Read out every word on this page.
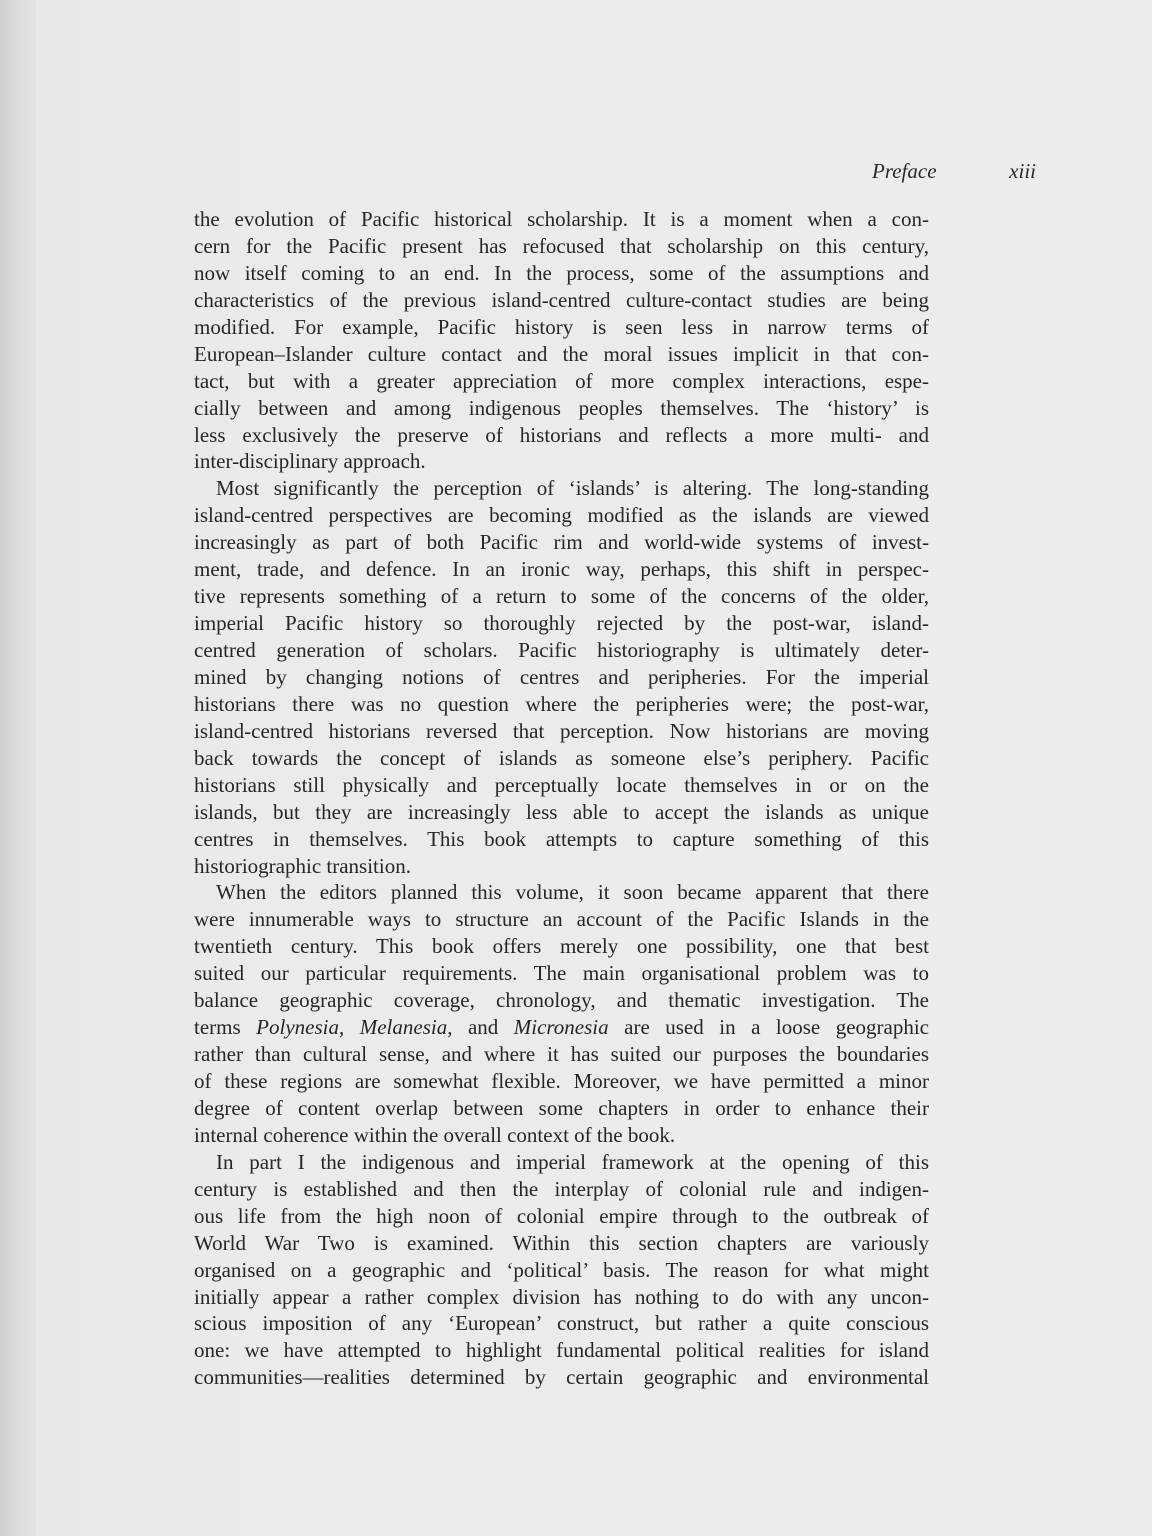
Preface	xiii
the evolution of Pacific historical scholarship. It is a moment when a con-
cern for the Pacific present has refocused that scholarship on this century,
now itself coming to an end. In the process, some of the assumptions and
characteristics of the previous island-centred culture-contact studies are being
modified. For example, Pacific history is seen less in narrow terms of
European–Islander culture contact and the moral issues implicit in that con-
tact, but with a greater appreciation of more complex interactions, espe-
cially between and among indigenous peoples themselves. The ‘history’ is
less exclusively the preserve of historians and reflects a more multi- and
inter-disciplinary approach.
Most significantly the perception of ‘islands’ is altering. The long-standing
island-centred perspectives are becoming modified as the islands are viewed
increasingly as part of both Pacific rim and world-wide systems of invest-
ment, trade, and defence. In an ironic way, perhaps, this shift in perspec-
tive represents something of a return to some of the concerns of the older,
imperial Pacific history so thoroughly rejected by the post-war, island-
centred generation of scholars. Pacific historiography is ultimately deter-
mined by changing notions of centres and peripheries. For the imperial
historians there was no question where the peripheries were; the post-war,
island-centred historians reversed that perception. Now historians are moving
back towards the concept of islands as someone else’s periphery. Pacific
historians still physically and perceptually locate themselves in or on the
islands, but they are increasingly less able to accept the islands as unique
centres in themselves. This book attempts to capture something of this
historiographic transition.
When the editors planned this volume, it soon became apparent that there
were innumerable ways to structure an account of the Pacific Islands in the
twentieth century. This book offers merely one possibility, one that best
suited our particular requirements. The main organisational problem was to
balance geographic coverage, chronology, and thematic investigation. The
terms Polynesia, Melanesia, and Micronesia are used in a loose geographic
rather than cultural sense, and where it has suited our purposes the boundaries
of these regions are somewhat flexible. Moreover, we have permitted a minor
degree of content overlap between some chapters in order to enhance their
internal coherence within the overall context of the book.
In part I the indigenous and imperial framework at the opening of this
century is established and then the interplay of colonial rule and indigen-
ous life from the high noon of colonial empire through to the outbreak of
World War Two is examined. Within this section chapters are variously
organised on a geographic and ‘political’ basis. The reason for what might
initially appear a rather complex division has nothing to do with any uncon-
scious imposition of any ‘European’ construct, but rather a quite conscious
one: we have attempted to highlight fundamental political realities for island
communities—realities determined by certain geographic and environmental
